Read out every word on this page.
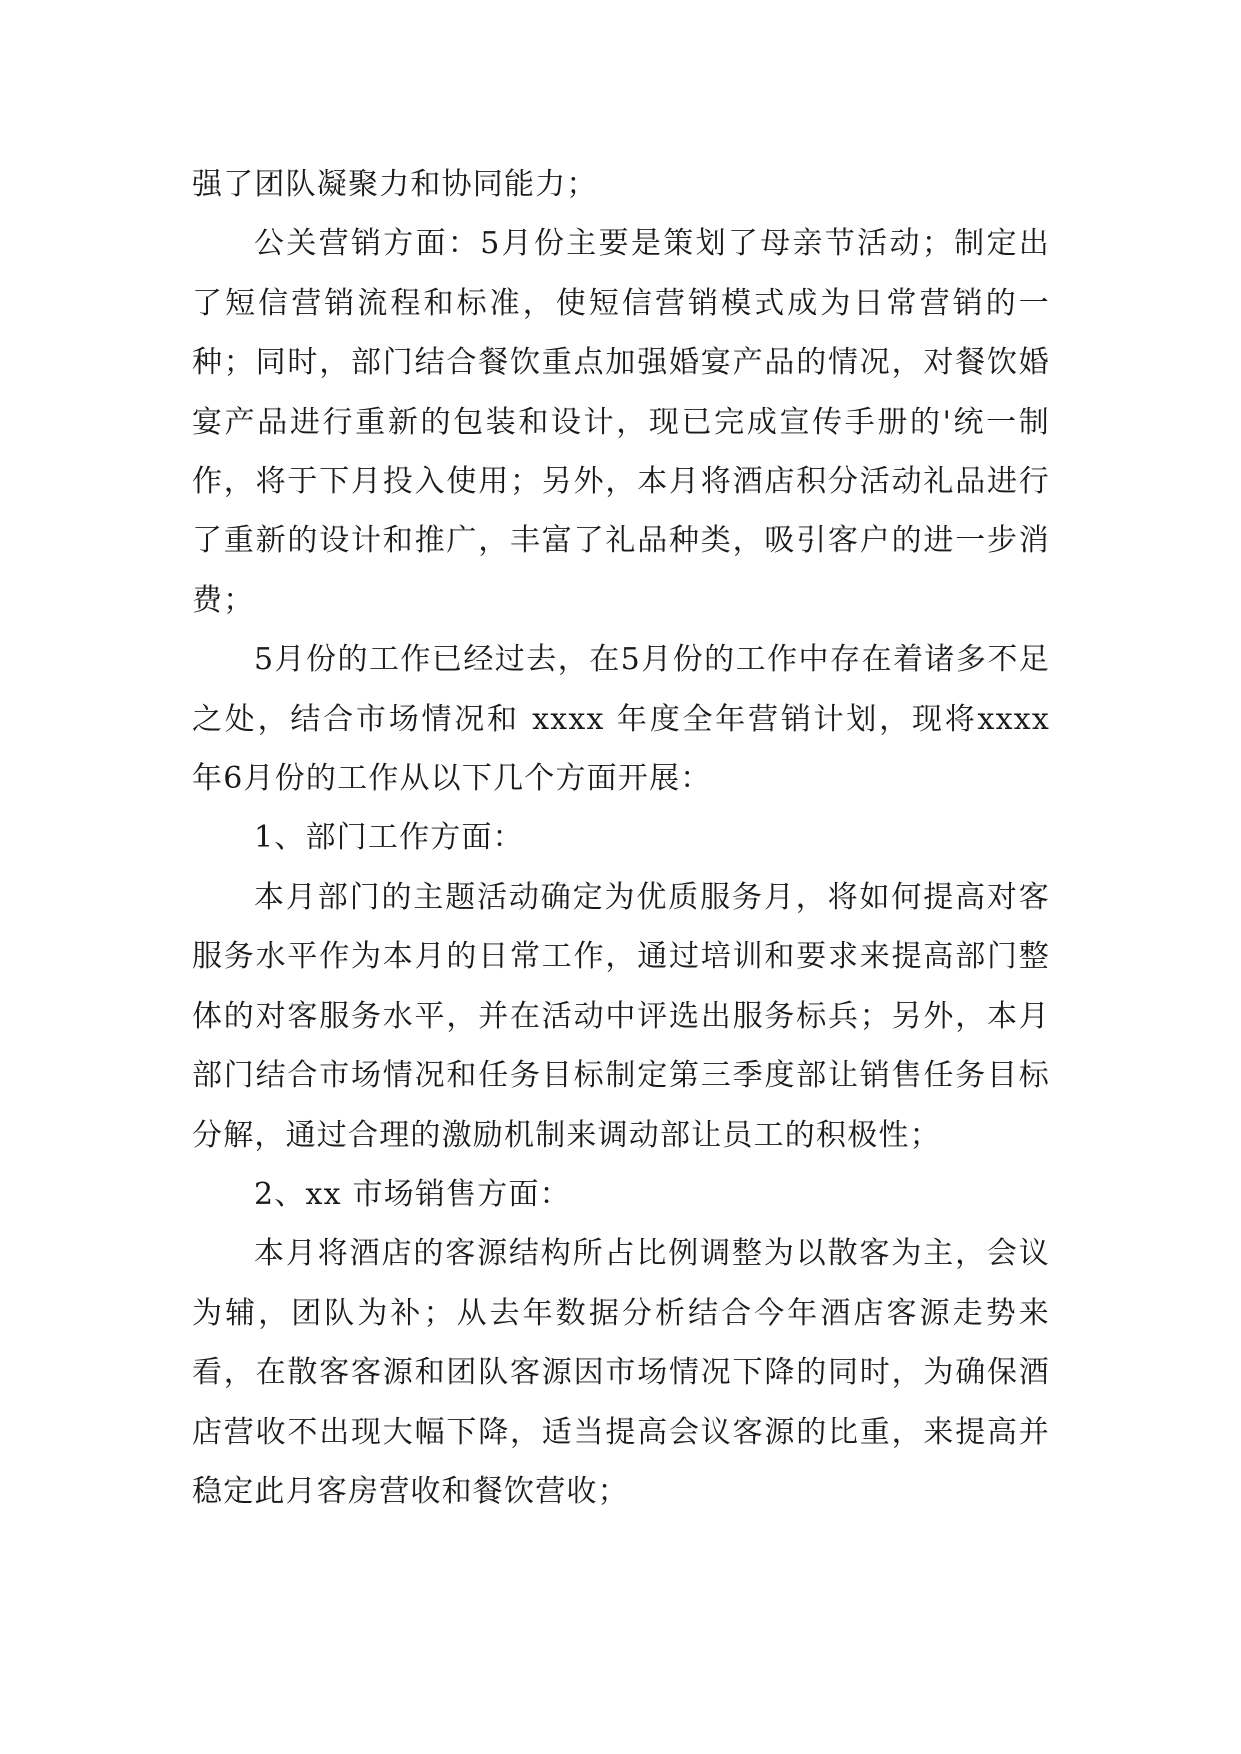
强了团队凝聚力和协同能力；

公关营销方面：5月份主要是策划了母亲节活动；制定出了短信营销流程和标准，使短信营销模式成为日常营销的一种；同时，部门结合餐饮重点加强婚宴产品的情况，对餐饮婚宴产品进行重新的包装和设计，现已完成宣传手册的'统一制作，将于下月投入使用；另外，本月将酒店积分活动礼品进行了重新的设计和推广，丰富了礼品种类，吸引客户的进一步消费；

5月份的工作已经过去，在5月份的工作中存在着诸多不足之处，结合市场情况和 xxxx 年度全年营销计划，现将xxxx 年6月份的工作从以下几个方面开展：

1、部门工作方面：

本月部门的主题活动确定为优质服务月，将如何提高对客服务水平作为本月的日常工作，通过培训和要求来提高部门整体的对客服务水平，并在活动中评选出服务标兵；另外，本月部门结合市场情况和任务目标制定第三季度部让销售任务目标分解，通过合理的激励机制来调动部让员工的积极性；

2、xx 市场销售方面：

本月将酒店的客源结构所占比例调整为以散客为主，会议为辅，团队为补；从去年数据分析结合今年酒店客源走势来看，在散客客源和团队客源因市场情况下降的同时，为确保酒店营收不出现大幅下降，适当提高会议客源的比重，来提高并稳定此月客房营收和餐饮营收；
